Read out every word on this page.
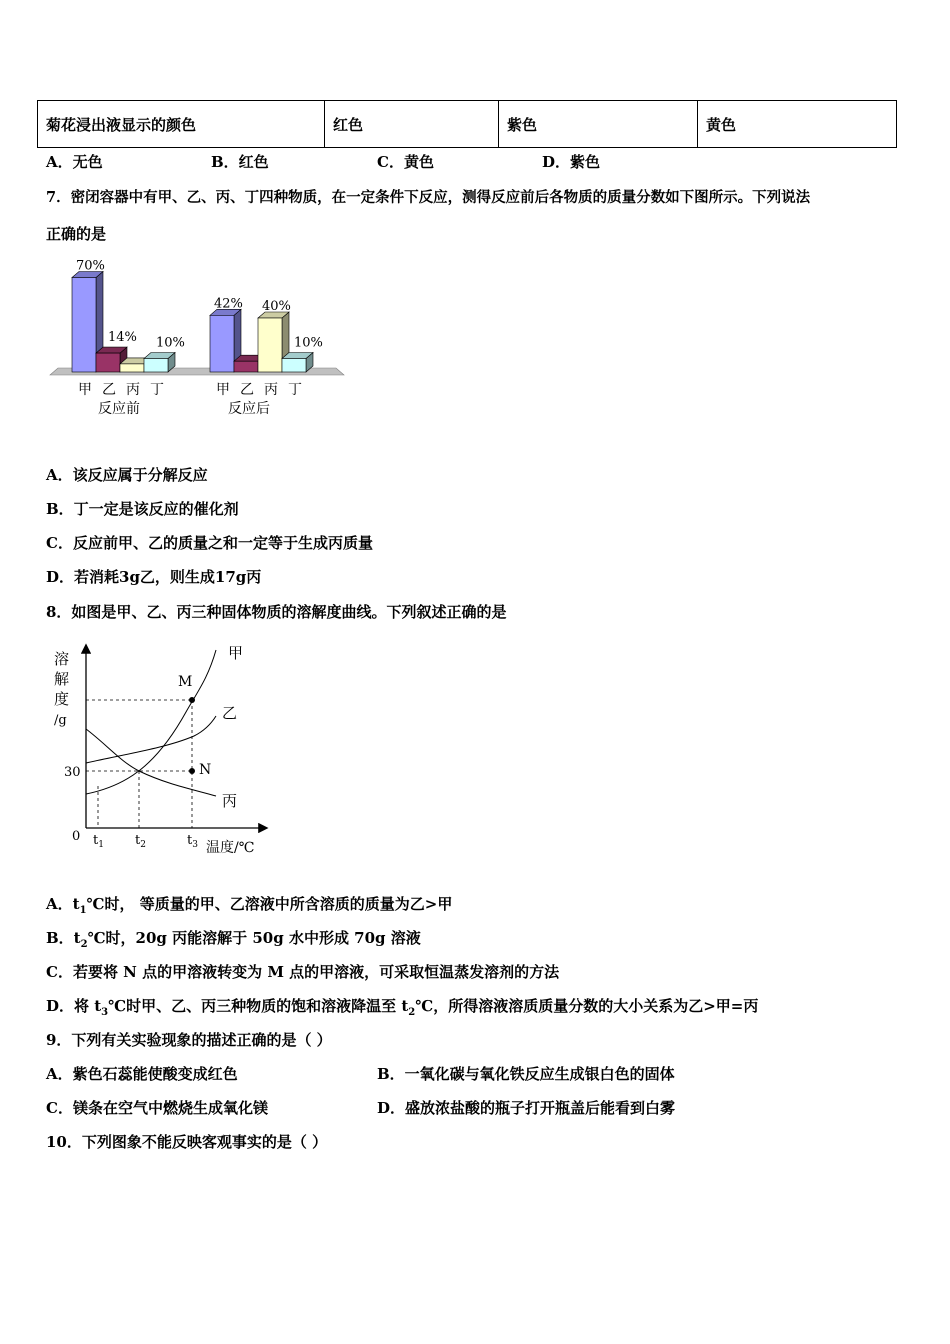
菊花浸出液显示的颜色	红色	紫色	黄色
A．无色	B．红色	C．黄色	D．紫色
7．密闭容器中有甲、乙、丙、丁四种物质，在一定条件下反应，测得反应前后各物质的质量分数如下图所示。下列说法
正确的是
70%
14% 10%
42% 40%
10%
甲 乙 丙 丁
反应前
甲 乙 丙 丁
反应后
A．该反应属于分解反应
B．丁一定是该反应的催化剂
C．反应前甲、乙的质量之和一定等于生成丙质量
D．若消耗3g乙，则生成17g丙
8．如图是甲、乙、丙三种固体物质的溶解度曲线。下列叙述正确的是
溶
解
度
/g
30
0 $t_1$ $t_2$	$t_3$ 温度/℃
M
N
甲
乙
丙
A．$t_1℃$时， 等质量的甲、乙溶液中所含溶质的质量为乙>甲
B．$t_2℃$时，20g 丙能溶解于 50g 水中形成 70g 溶液
C．若要将 N 点的甲溶液转变为 M 点的甲溶液，可采取恒温蒸发溶剂的方法
D．将 $t_3℃$时甲、乙、丙三种物质的饱和溶液降温至 $t_2℃$，所得溶液溶质质量分数的大小关系为乙>甲=丙
9．下列有关实验现象的描述正确的是（ ）
A．紫色石蕊能使酸变成红色	B．一氧化碳与氧化铁反应生成银白色的固体
C．镁条在空气中燃烧生成氧化镁	D．盛放浓盐酸的瓶子打开瓶盖后能看到白雾
10．下列图象不能反映客观事实的是（ ）
